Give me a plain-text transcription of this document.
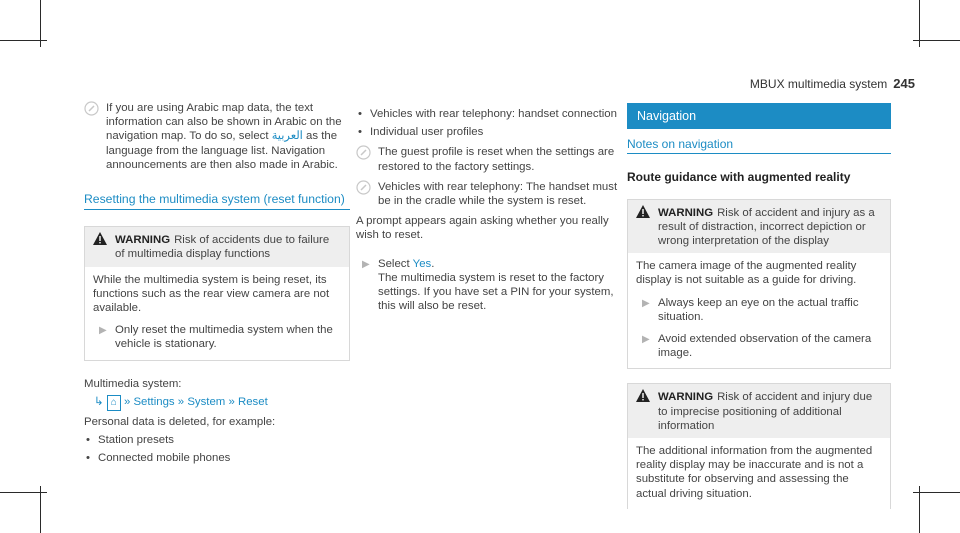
MBUX multimedia system 245
If you are using Arabic map data, the text information can also be shown in Arabic on the navigation map. To do so, select العربية as the language from the language list. Navigation announcements are then also made in Arabic.
Resetting the multimedia system (reset function)
WARNING Risk of accidents due to failure of multimedia display functions

While the multimedia system is being reset, its functions such as the rear view camera are not available.

▶ Only reset the multimedia system when the vehicle is stationary.

Multimedia system:

↳ ⌂ » Settings » System » Reset

Personal data is deleted, for example:

• Station presets
• Connected mobile phones
• Vehicles with rear telephony: handset connection
• Individual user profiles
The guest profile is reset when the settings are restored to the factory settings.
Vehicles with rear telephony: The handset must be in the cradle while the system is reset.

A prompt appears again asking whether you really wish to reset.

▶ Select Yes.

The multimedia system is reset to the factory settings. If you have set a PIN for your system, this will also be reset.

Navigation
Notes on navigation
Route guidance with augmented reality
WARNING Risk of accident and injury as a result of distraction, incorrect depiction or wrong interpretation of the display

The camera image of the augmented reality display is not suitable as a guide for driving.

▶ Always keep an eye on the actual traffic situation.
▶ Avoid extended observation of the camera image.
WARNING Risk of accident and injury due to imprecise positioning of additional information

The additional information from the augmented reality display may be inaccurate and is not a substitute for observing and assessing the actual driving situation.
